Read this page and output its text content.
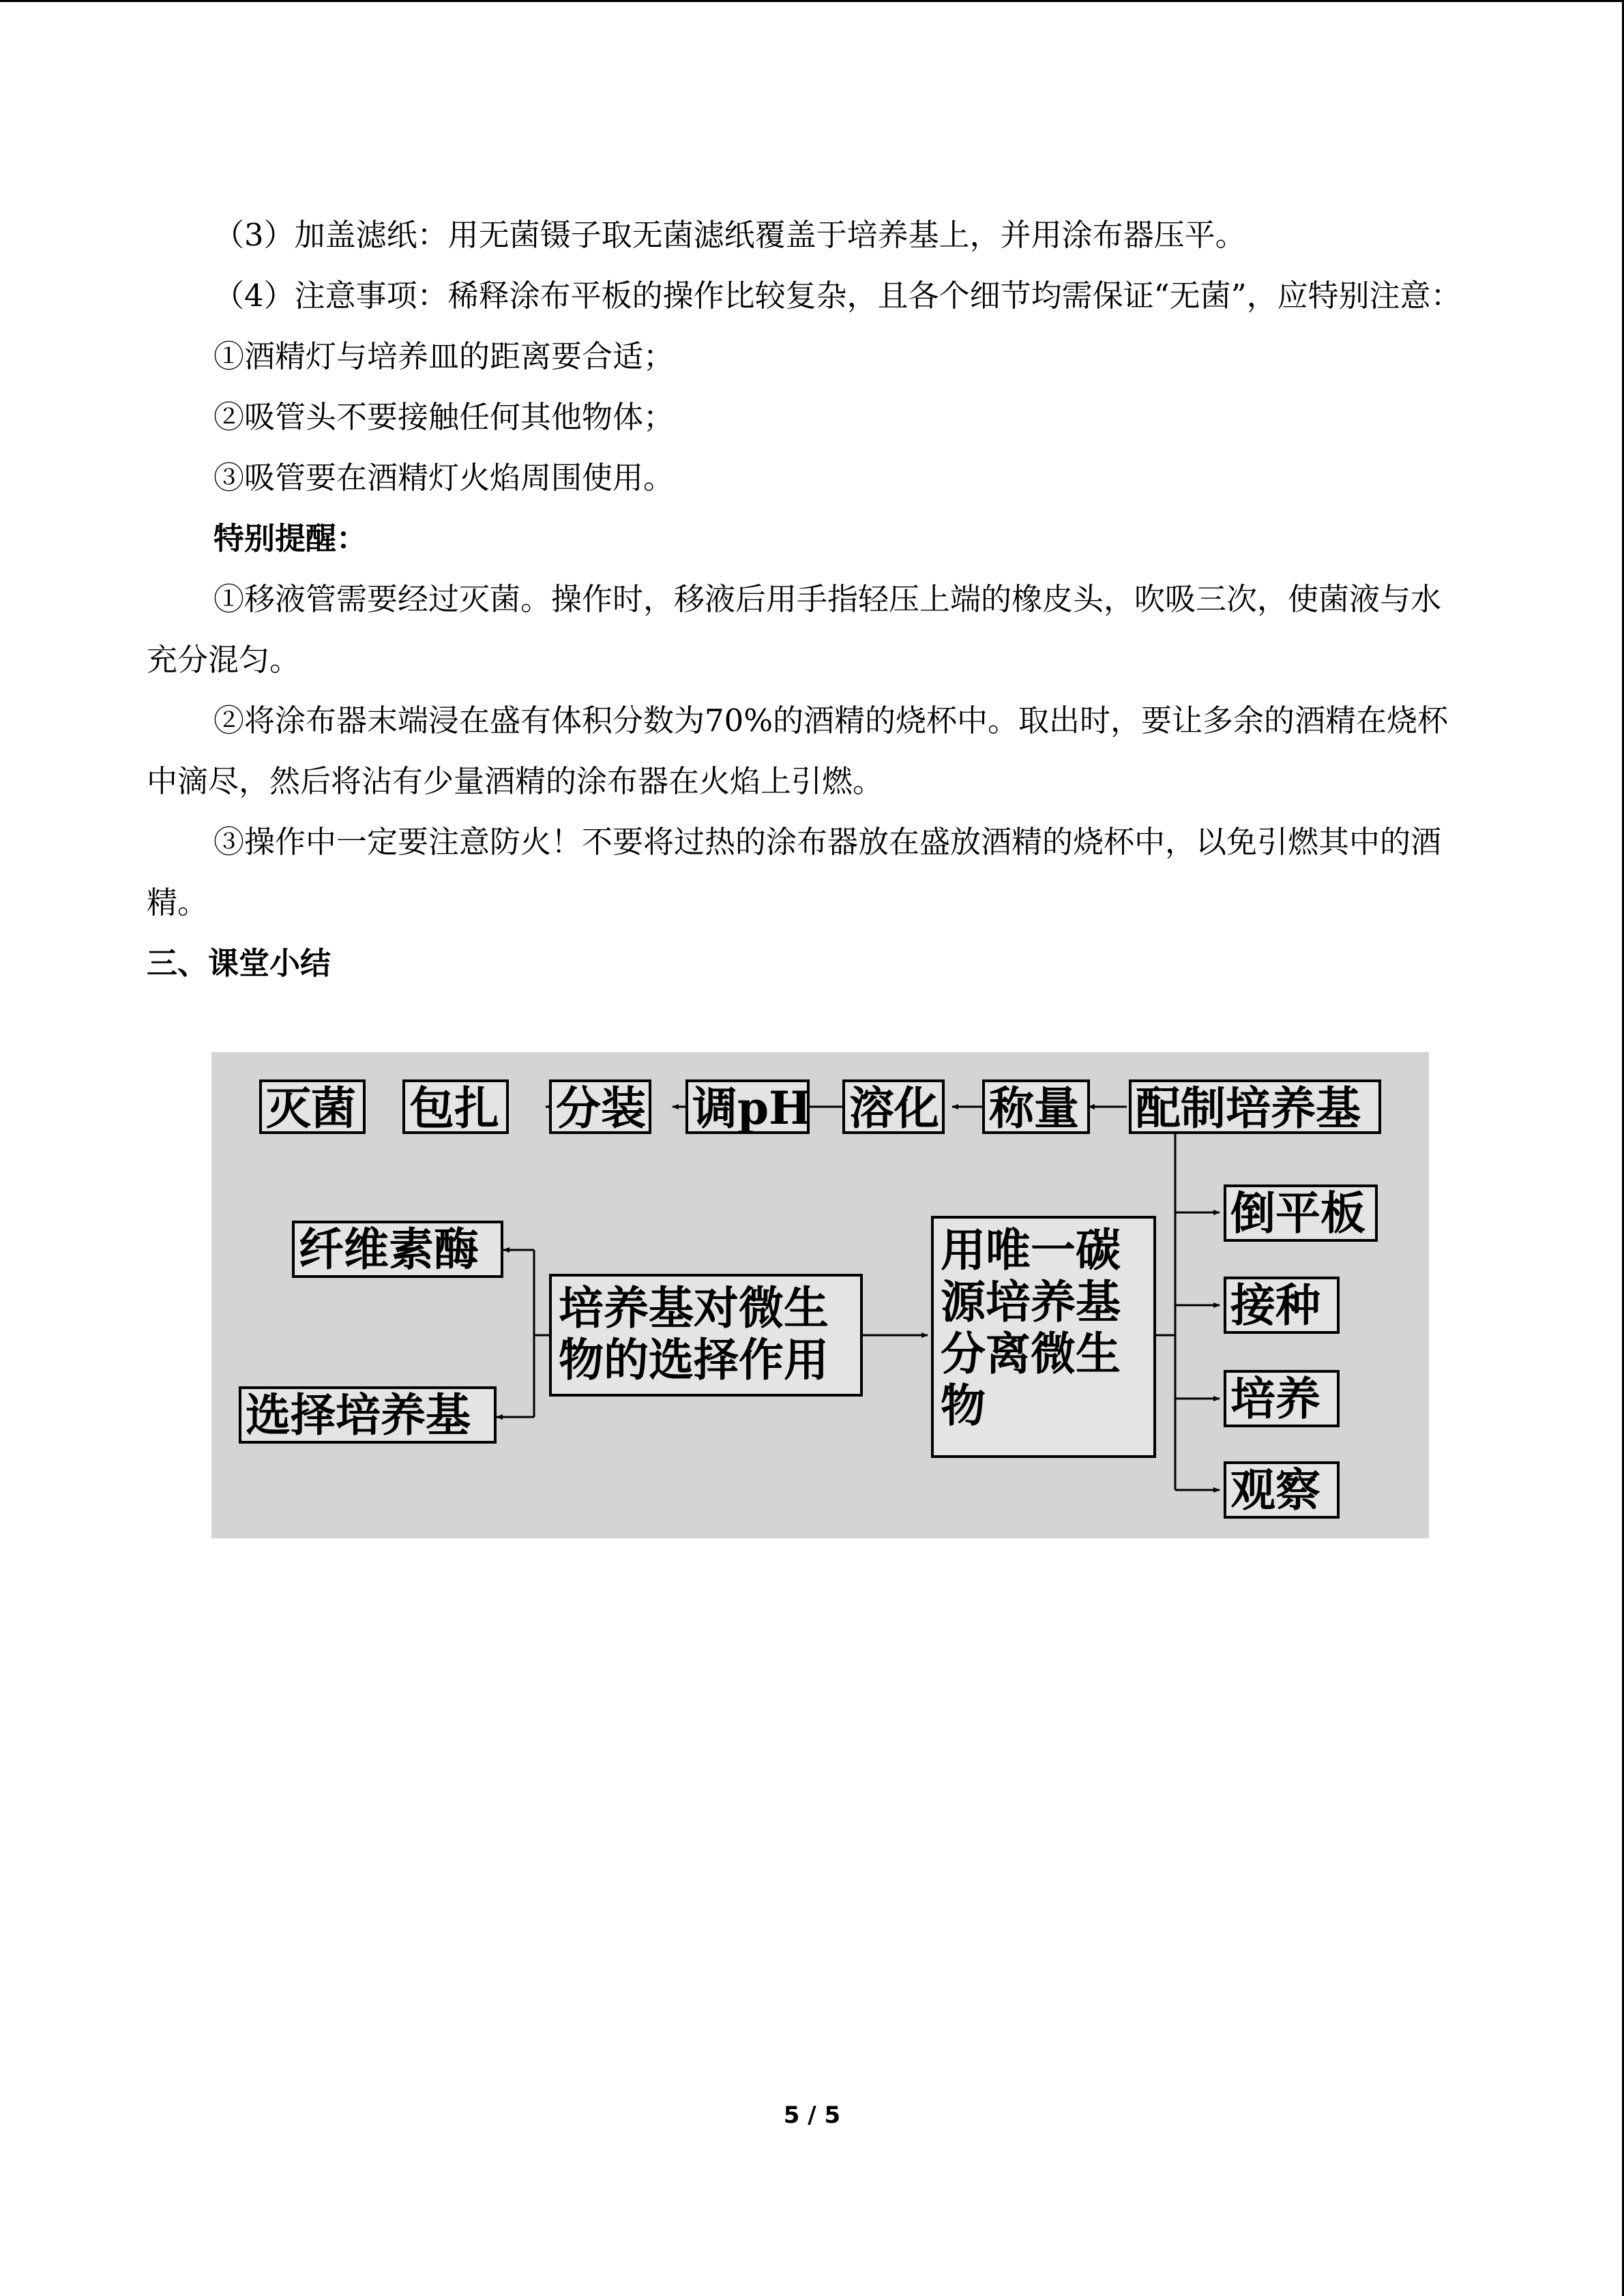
（3）加盖滤纸：用无菌镊子取无菌滤纸覆盖于培养基上，并用涂布器压平。

（4）注意事项：稀释涂布平板的操作比较复杂，且各个细节均需保证“无菌”，应特别注意：

①酒精灯与培养皿的距离要合适；

②吸管头不要接触任何其他物体；

③吸管要在酒精灯火焰周围使用。

特别提醒：

①移液管需要经过灭菌。操作时，移液后用手指轻压上端的橡皮头，吹吸三次，使菌液与水充分混匀。

②将涂布器末端浸在盛有体积分数为70%的酒精的烧杯中。取出时，要让多余的酒精在烧杯中滴尽，然后将沾有少量酒精的涂布器在火焰上引燃。

③操作中一定要注意防火！不要将过热的涂布器放在盛放酒精的烧杯中，以免引燃其中的酒精。

三、课堂小结

灭菌 包扎 分装 调pH 溶化 称量 配制培养基
纤维素酶
选择培养基
培养基对微生物的选择作用
用唯一碳源培养基分离微生物
倒平板
接种
培养
观察
5 / 5
